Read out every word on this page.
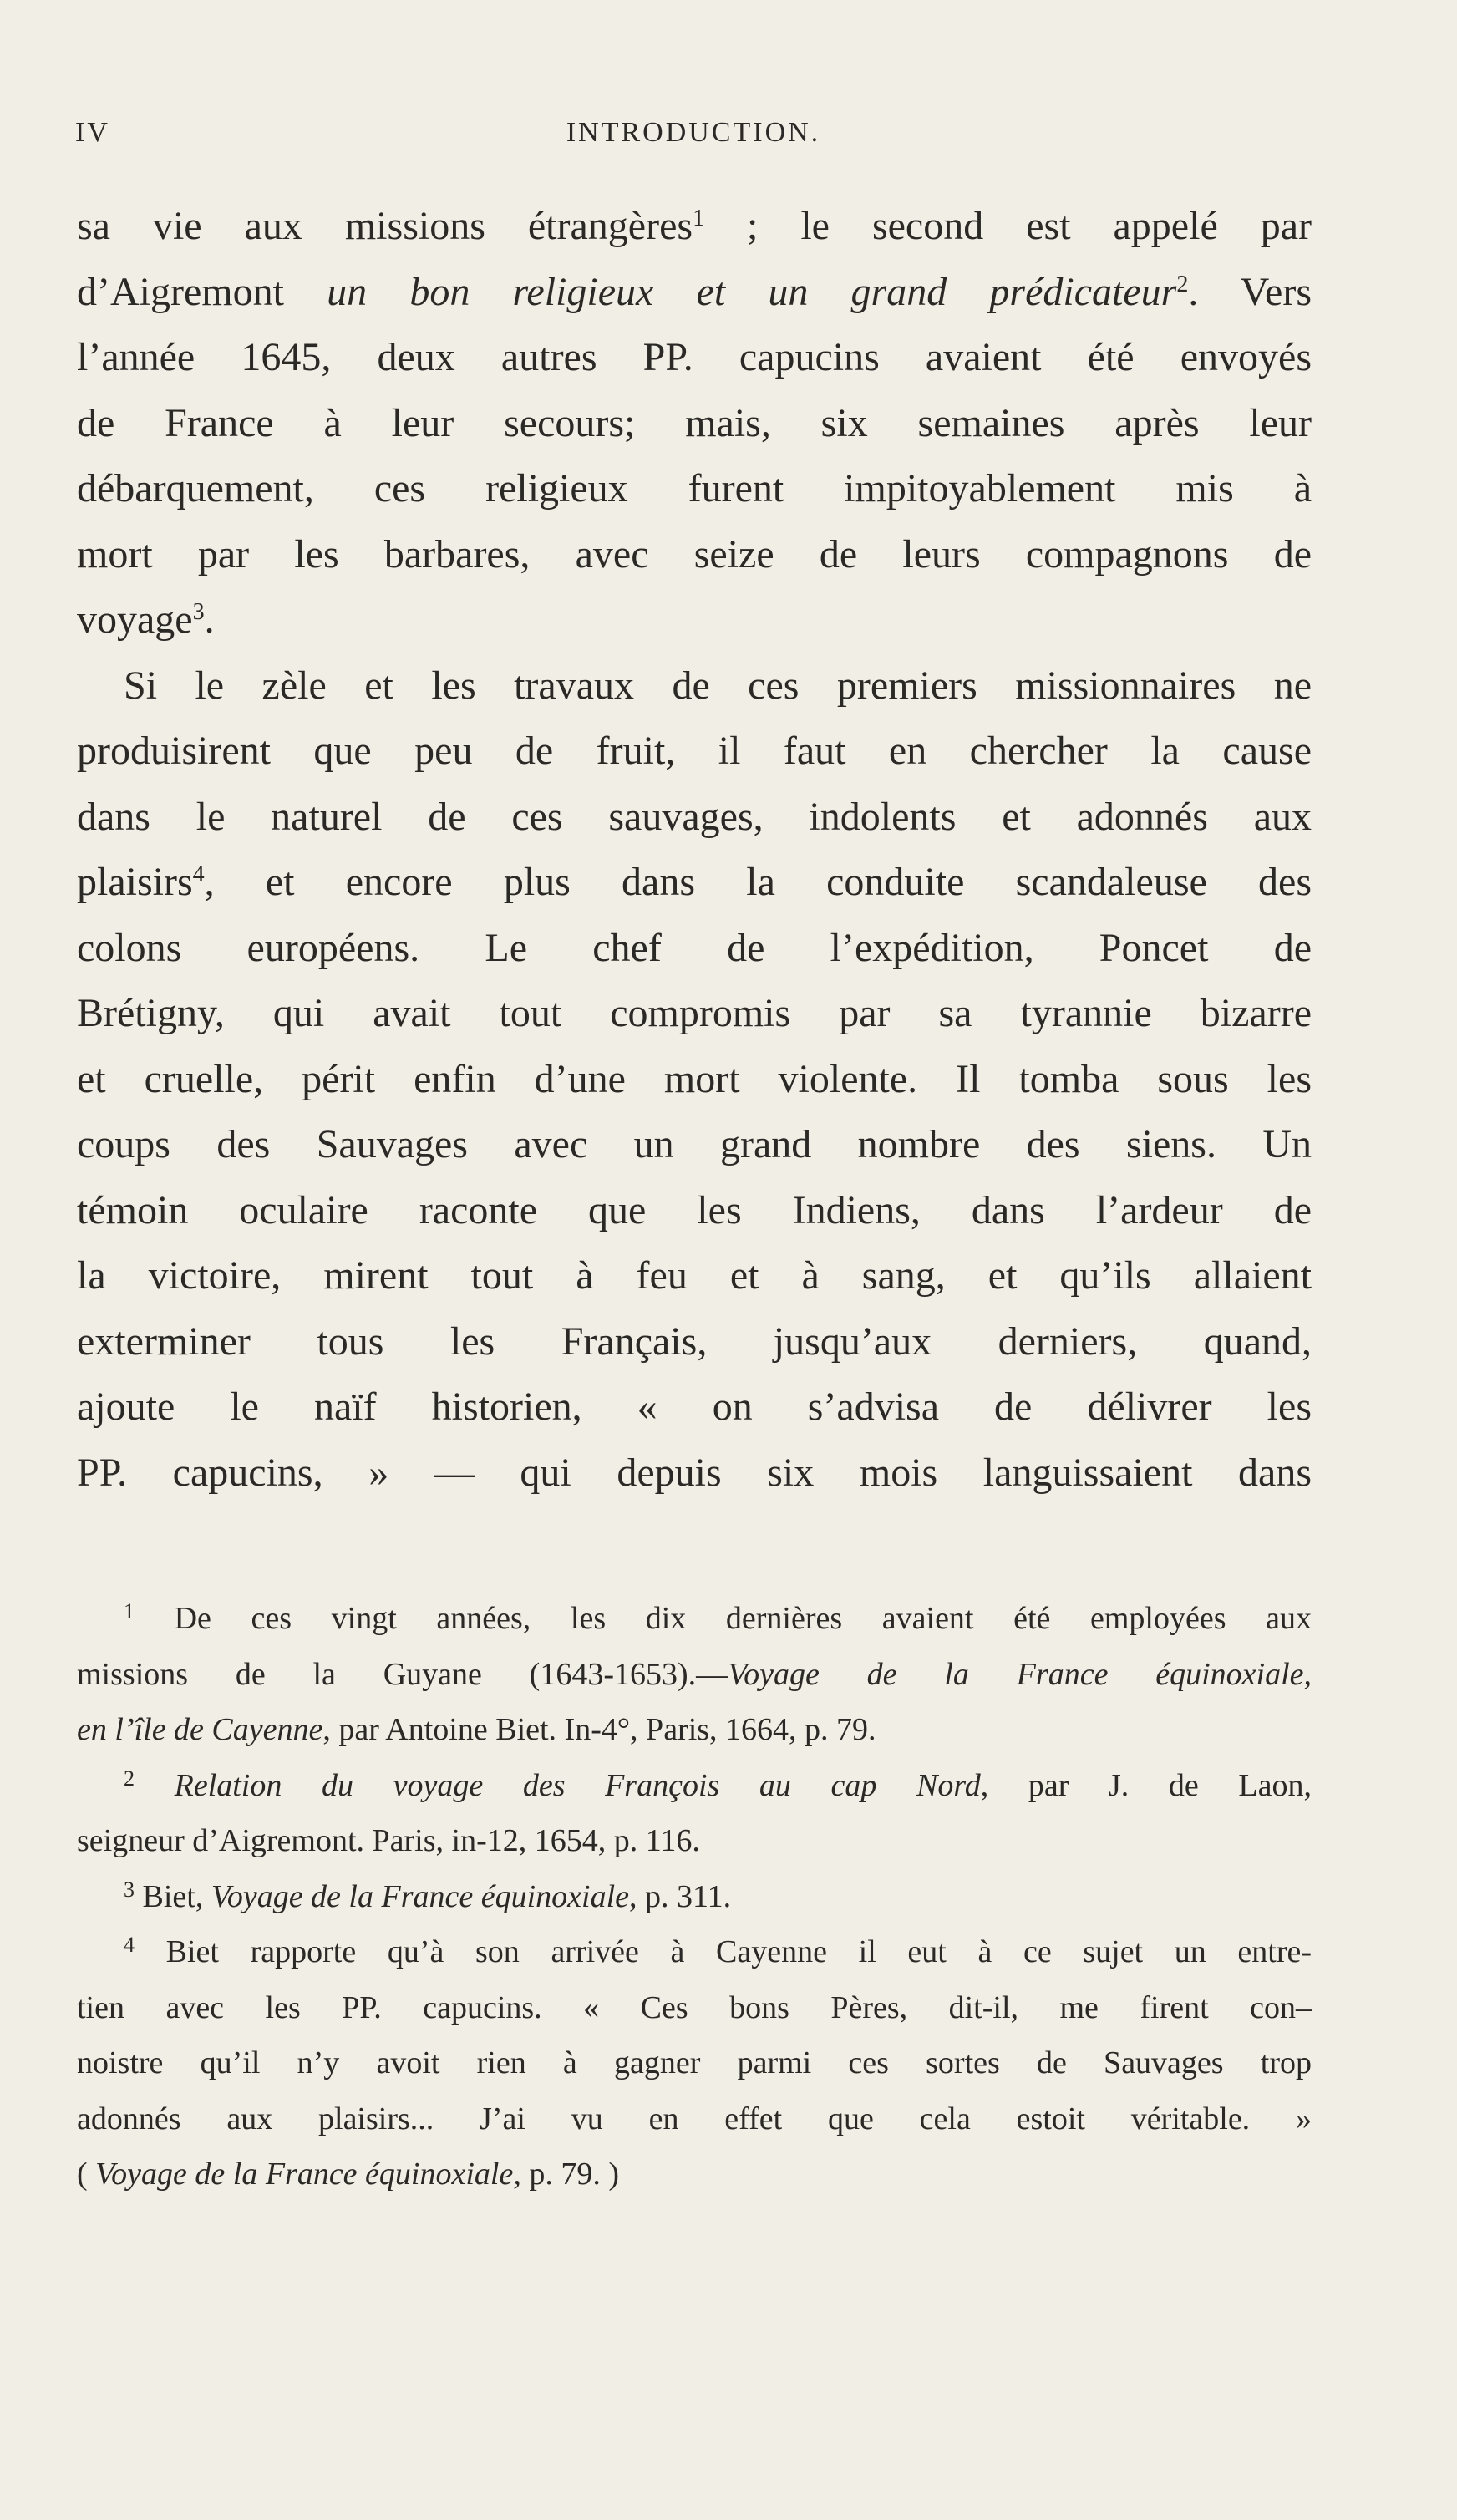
IV	INTRODUCTION.
sa vie aux missions étrangères$^1$ ; le second est appelé par
d’Aigremont un bon religieux et un grand prédicateur$^2$. Vers
l’année 1645, deux autres PP. capucins avaient été envoyés
de France à leur secours; mais, six semaines après leur
débarquement, ces religieux furent impitoyablement mis à
mort par les barbares, avec seize de leurs compagnons de
voyage$^3$.
Si le zèle et les travaux de ces premiers missionnaires ne
produisirent que peu de fruit, il faut en chercher la cause
dans le naturel de ces sauvages, indolents et adonnés aux
plaisirs$^4$, et encore plus dans la conduite scandaleuse des
colons européens. Le chef de l’expédition, Poncet de
Brétigny, qui avait tout compromis par sa tyrannie bizarre
et cruelle, périt enfin d’une mort violente. Il tomba sous les
coups des Sauvages avec un grand nombre des siens. Un
témoin oculaire raconte que les Indiens, dans l’ardeur de
la victoire, mirent tout à feu et à sang, et qu’ils allaient
exterminer tous les Français, jusqu’aux derniers, quand,
ajoute le naïf historien, « on s’advisa de délivrer les
PP. capucins, » — qui depuis six mois languissaient dans
$^1$ De ces vingt années, les dix dernières avaient été employées aux
missions de la Guyane (1643-1653).—Voyage de la France équinoxiale,
en l’île de Cayenne, par Antoine Biet. In-4°, Paris, 1664, p. 79.
$^2$ Relation du voyage des François au cap Nord, par J. de Laon,
seigneur d’Aigremont. Paris, in-12, 1654, p. 116.
$^3$ Biet, Voyage de la France équinoxiale, p. 311.
$^4$ Biet rapporte qu’à son arrivée à Cayenne il eut à ce sujet un entre-
tien avec les PP. capucins. « Ces bons Pères, dit-il, me firent con–
noistre qu’il n’y avoit rien à gagner parmi ces sortes de Sauvages trop
adonnés aux plaisirs... J’ai vu en effet que cela estoit véritable. »
( Voyage de la France équinoxiale, p. 79. )
